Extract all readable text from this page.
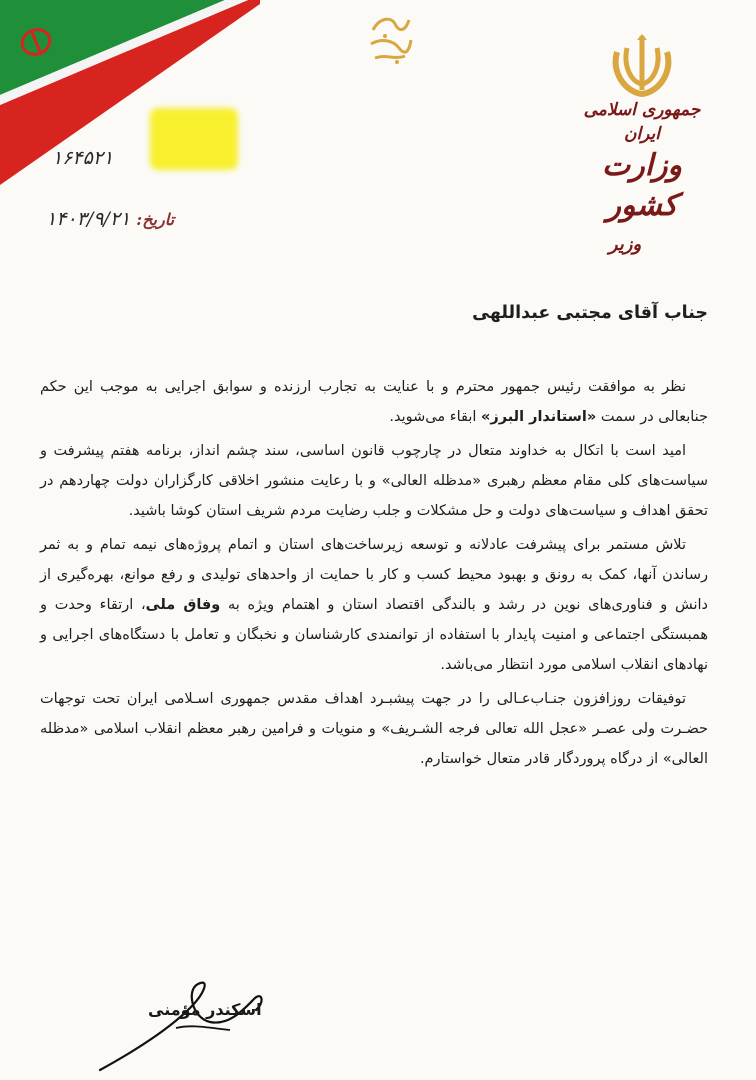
جمهوری اسلامی ایران
وزارت کشور
وزیر
۱۶۴۵۲۱
تاریخ: ۱۴۰۳/۹/۲۱
جناب آقای مجتبی عبداللهی

نظر به موافقت رئیس جمهور محترم و با عنایت به تجارب ارزنده و سوابق اجرایی به موجب این حکم جنابعالی در سمت «استاندار البرز» ابقاء می‌شوید.

امید است با اتکال به خداوند متعال در چارچوب قانون اساسی، سند چشم انداز، برنامه هفتم پیشرفت و سیاست‌های کلی مقام معظم رهبری «مدظله العالی» و با رعایت منشور اخلاقی کارگزاران دولت چهاردهم در تحقق اهداف و سیاست‌های دولت و حل مشکلات و جلب رضایت مردم شریف استان کوشا باشید.

تلاش مستمر برای پیشرفت عادلانه و توسعه زیرساخت‌های استان و اتمام پروژه‌های نیمه تمام و به ثمر رساندن آنها، کمک به رونق و بهبود محیط کسب و کار با حمایت از واحدهای تولیدی و رفع موانع، بهره‌گیری از دانش و فناوری‌های نوین در رشد و بالندگی اقتصاد استان و اهتمام ویژه به وفاق ملی، ارتقاء وحدت و همبستگی اجتماعی و امنیت پایدار با استفاده از توانمندی کارشناسان و نخبگان و تعامل با دستگاه‌های اجرایی و نهادهای انقلاب اسلامی مورد انتظار می‌باشد.

توفیقات روزافزون جنـاب‌عـالی را در جهت پیشبـرد اهداف مقدس جمهوری اسـلامی ایران تحت توجهات حضـرت ولی عصـر «عجل الله تعالی فرجه الشـریف» و منویات و فرامین رهبر معظم انقلاب اسلامی «مدظله العالی» از درگاه پروردگار قادر متعال خواستارم.

اسکندر مؤمنی
